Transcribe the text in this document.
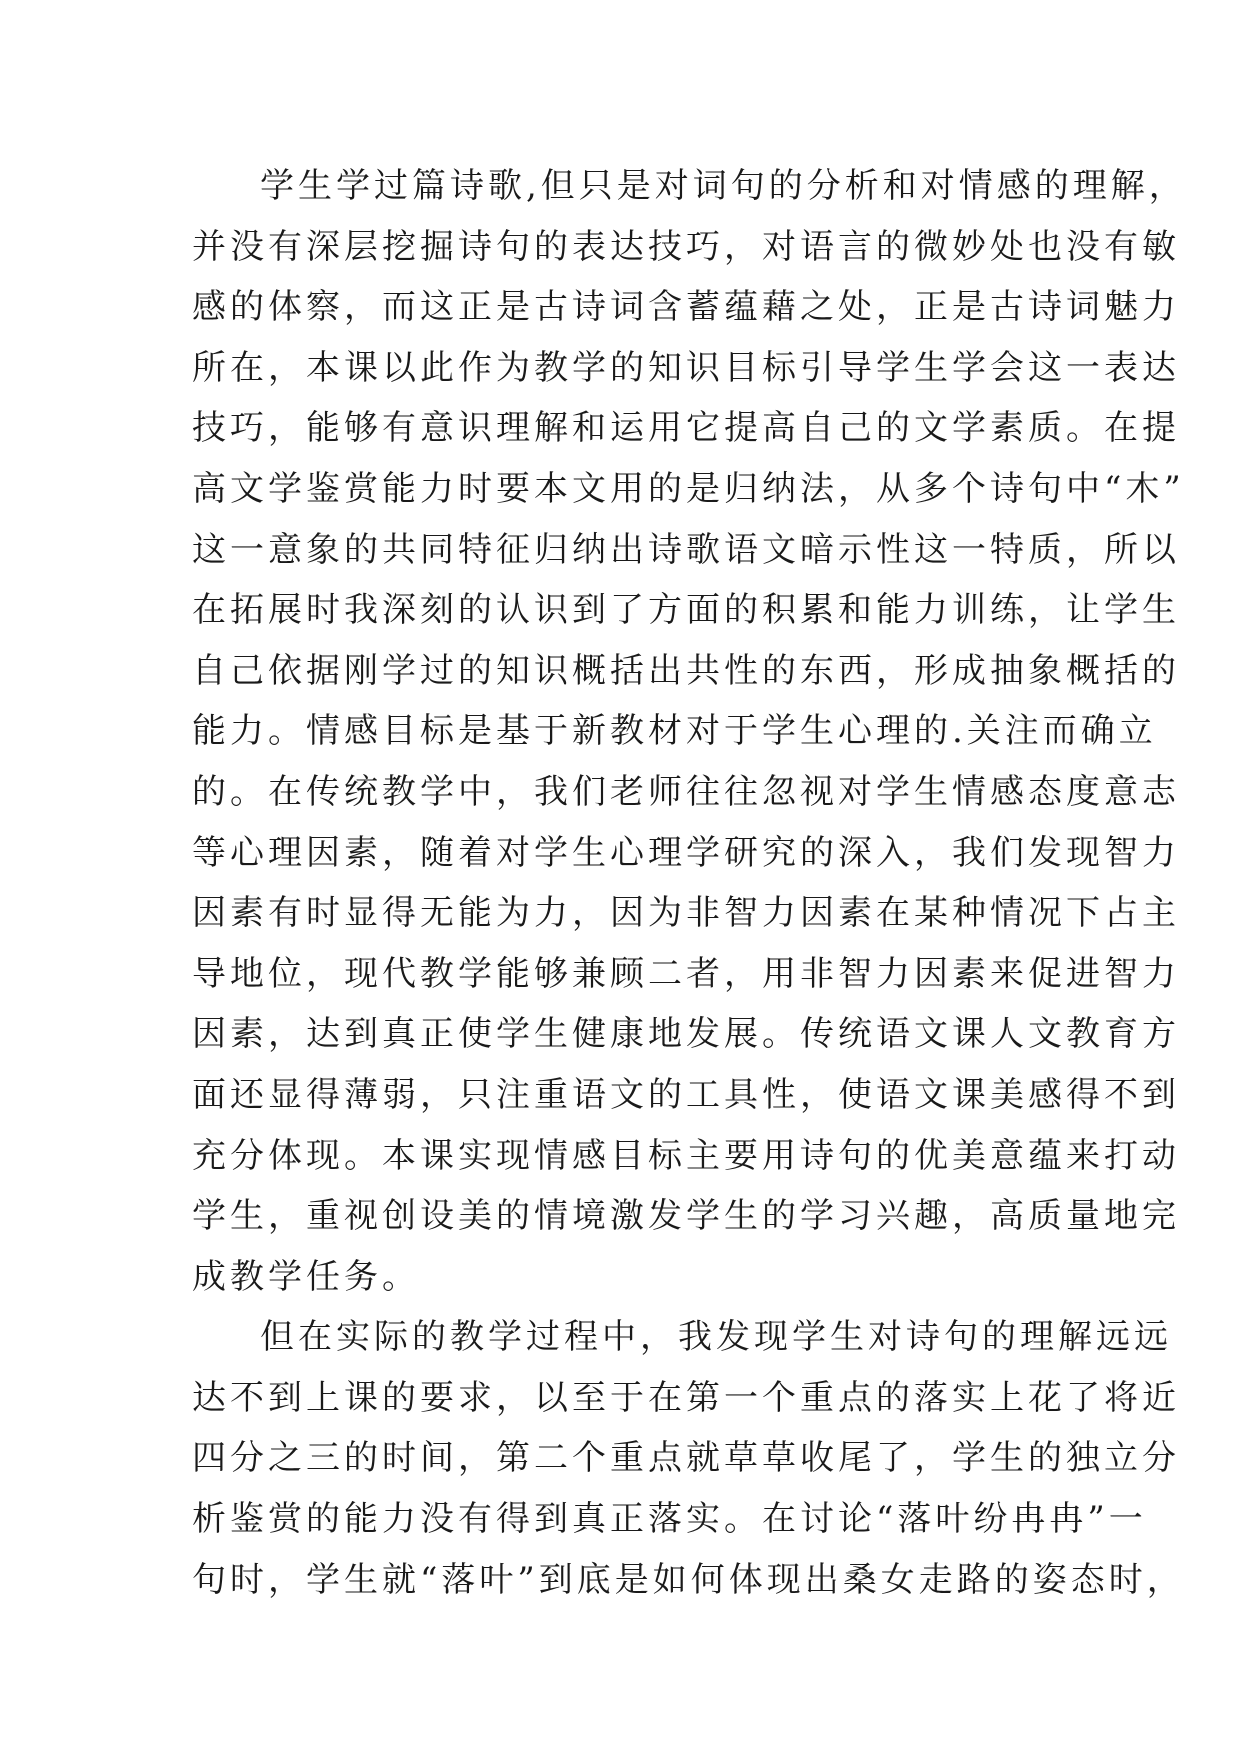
学生学过篇诗歌,但只是对词句的分析和对情感的理解，
并没有深层挖掘诗句的表达技巧，对语言的微妙处也没有敏
感的体察，而这正是古诗词含蓄蕴藉之处，正是古诗词魅力
所在，本课以此作为教学的知识目标引导学生学会这一表达
技巧，能够有意识理解和运用它提高自己的文学素质。在提
高文学鉴赏能力时要本文用的是归纳法，从多个诗句中“木”
这一意象的共同特征归纳出诗歌语文暗示性这一特质，所以
在拓展时我深刻的认识到了方面的积累和能力训练，让学生
自己依据刚学过的知识概括出共性的东西，形成抽象概括的
能力。情感目标是基于新教材对于学生心理的.关注而确立
的。在传统教学中，我们老师往往忽视对学生情感态度意志
等心理因素，随着对学生心理学研究的深入，我们发现智力
因素有时显得无能为力，因为非智力因素在某种情况下占主
导地位，现代教学能够兼顾二者，用非智力因素来促进智力
因素，达到真正使学生健康地发展。传统语文课人文教育方
面还显得薄弱，只注重语文的工具性，使语文课美感得不到
充分体现。本课实现情感目标主要用诗句的优美意蕴来打动
学生，重视创设美的情境激发学生的学习兴趣，高质量地完
成教学任务。
但在实际的教学过程中，我发现学生对诗句的理解远远
达不到上课的要求，以至于在第一个重点的落实上花了将近
四分之三的时间，第二个重点就草草收尾了，学生的独立分
析鉴赏的能力没有得到真正落实。在讨论“落叶纷冉冉”一
句时，学生就“落叶”到底是如何体现出桑女走路的姿态时，
